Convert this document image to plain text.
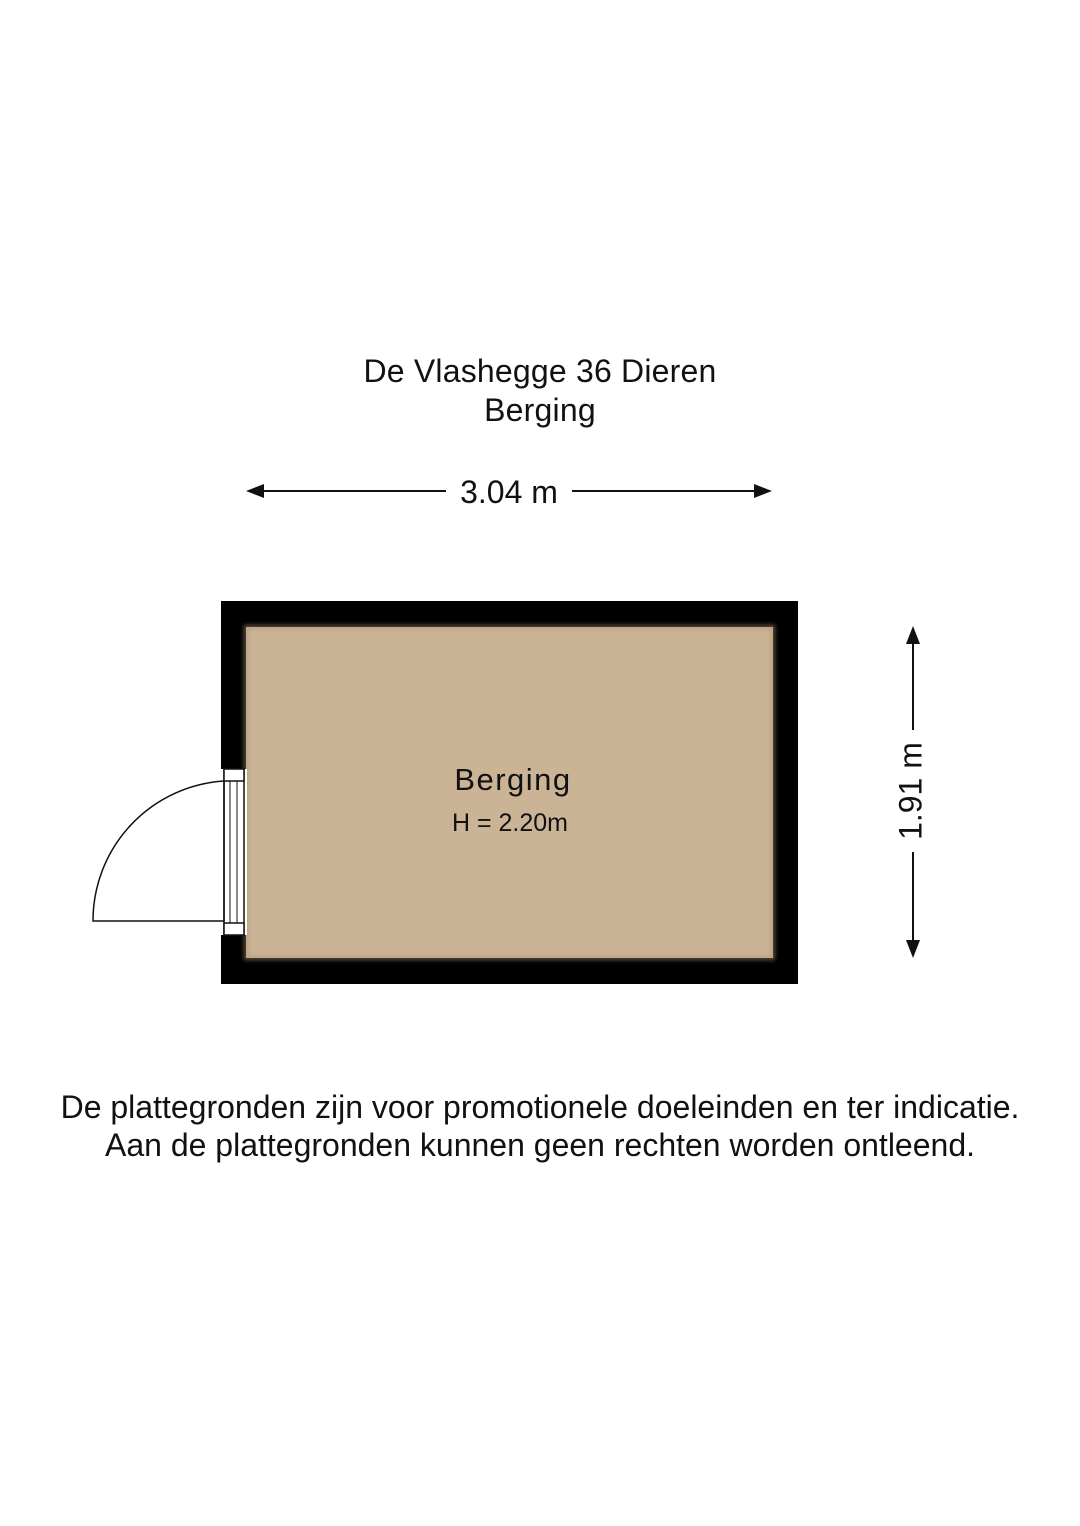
De Vlashegge 36 Dieren
Berging
3.04 m
1.91 m
Berging
H = 2.20m
De plattegronden zijn voor promotionele doeleinden en ter indicatie.
Aan de plattegronden kunnen geen rechten worden ontleend.
